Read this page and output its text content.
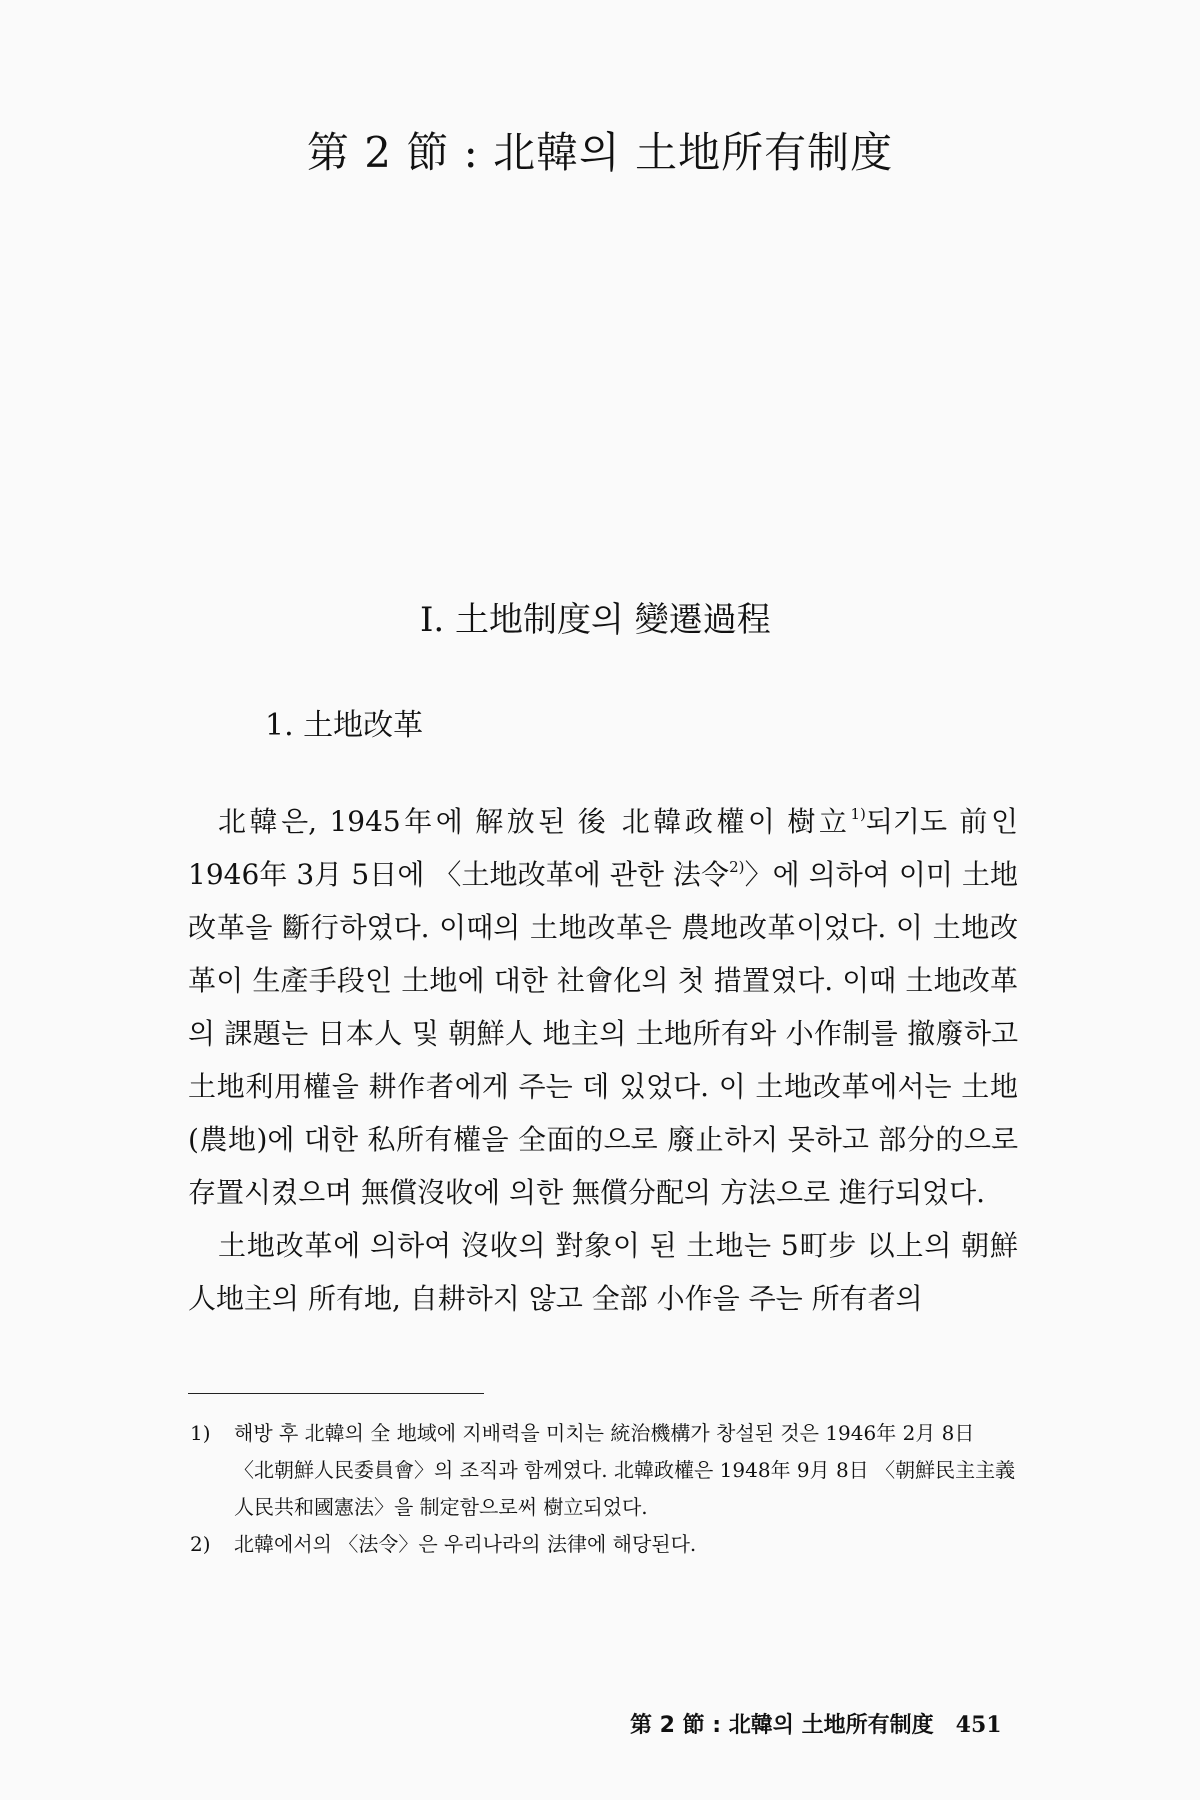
第 2 節 : 北韓의 土地所有制度
Ⅰ. 土地制度의 變遷過程
1. 土地改革

北韓은, 1945年에 解放된 後 北韓政權이 樹立$^{1)}$되기도 前인 1946年 3月 5日에 〈土地改革에 관한 法令$^{2)}$〉에 의하여 이미 土地改革을 斷行하였다. 이때의 土地改革은 農地改革이었다. 이 土地改革이 生產手段인 土地에 대한 社會化의 첫 措置였다. 이때 土地改革의 課題는 日本人 및 朝鮮人 地主의 土地所有와 小作制를 撤廢하고 土地利用權을 耕作者에게 주는 데 있었다. 이 土地改革에서는 土地(農地)에 대한 私所有權을 全面的으로 廢止하지 못하고 部分的으로 存置시켰으며 無償沒收에 의한 無償分配의 方法으로 進行되었다.

土地改革에 의하여 沒收의 對象이 된 土地는 5町步 以上의 朝鮮人地主의 所有地, 自耕하지 않고 全部 小作을 주는 所有者의

1) 해방 후 北韓의 全 地域에 지배력을 미치는 統治機構가 창설된 것은 1946年 2月 8日 〈北朝鮮人民委員會〉의 조직과 함께였다. 北韓政權은 1948年 9月 8日 〈朝鮮民主主義人民共和國憲法〉을 制定함으로써 樹立되었다.
2) 北韓에서의 〈法令〉은 우리나라의 法律에 해당된다.
第 2 節 : 北韓의 土地所有制度 451
